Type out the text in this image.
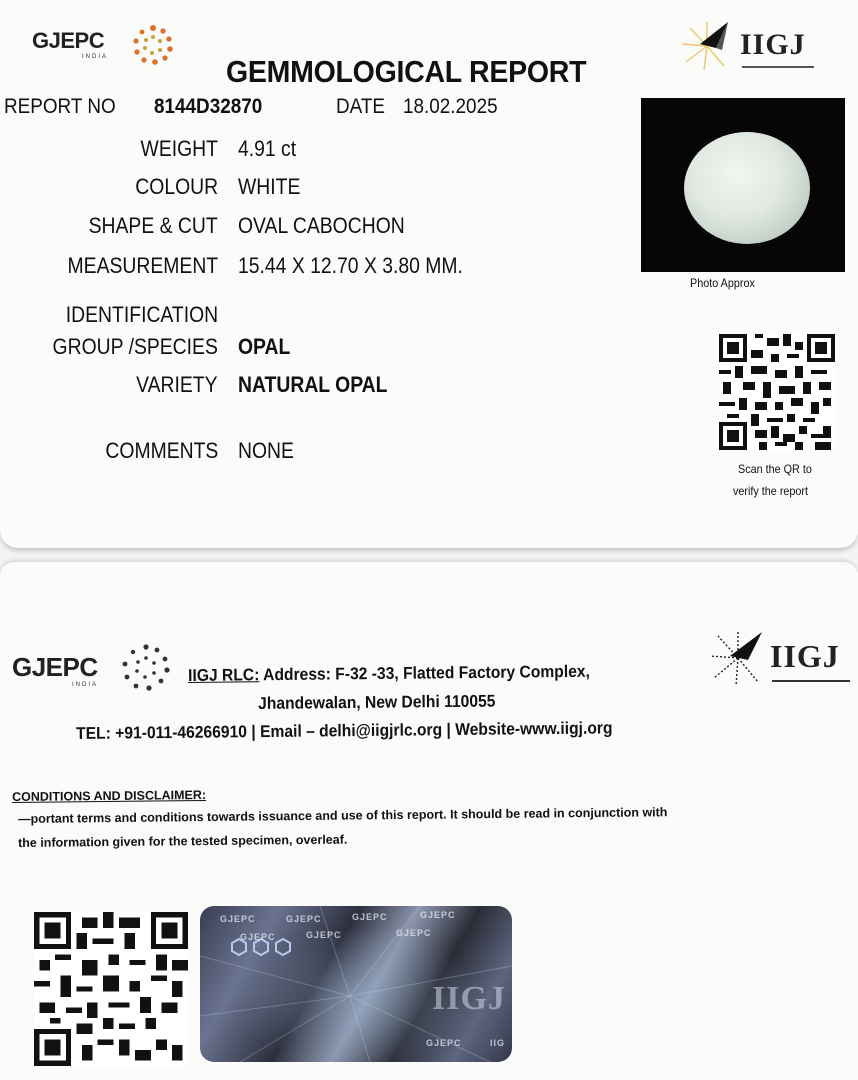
GJEPC
INDIA	IIGJ
GEMMOLOGICAL REPORT
REPORT NO 8144D32870	DATE 18.02.2025
WEIGHT 4.91 ct
COLOUR WHITE
SHAPE & CUT OVAL CABOCHON
MEASUREMENT 15.44 X 12.70 X 3.80 MM.
IDENTIFICATION
GROUP /SPECIES OPAL
VARIETY NATURAL OPAL
COMMENTS NONE
Photo Approx
Scan the QR to
verify the report
GJEPC
INDIA
IIGJ
IIGJ RLC: Address: F-32 -33, Flatted Factory Complex,
Jhandewalan, New Delhi 110055
TEL: +91-011-46266910 | Email – delhi@iigjrlc.org | Website-www.iigj.org
CONDITIONS AND DISCLAIMER:
—portant terms and conditions towards issuance and use of this report. It should be read in conjunction with
the information given for the tested specimen, overleaf.
GJEPC	GJEPC	GJEPC	GJEPC
GJEPC	GJEPC	GJEPC
IIGJ
GJEPC	IIG
